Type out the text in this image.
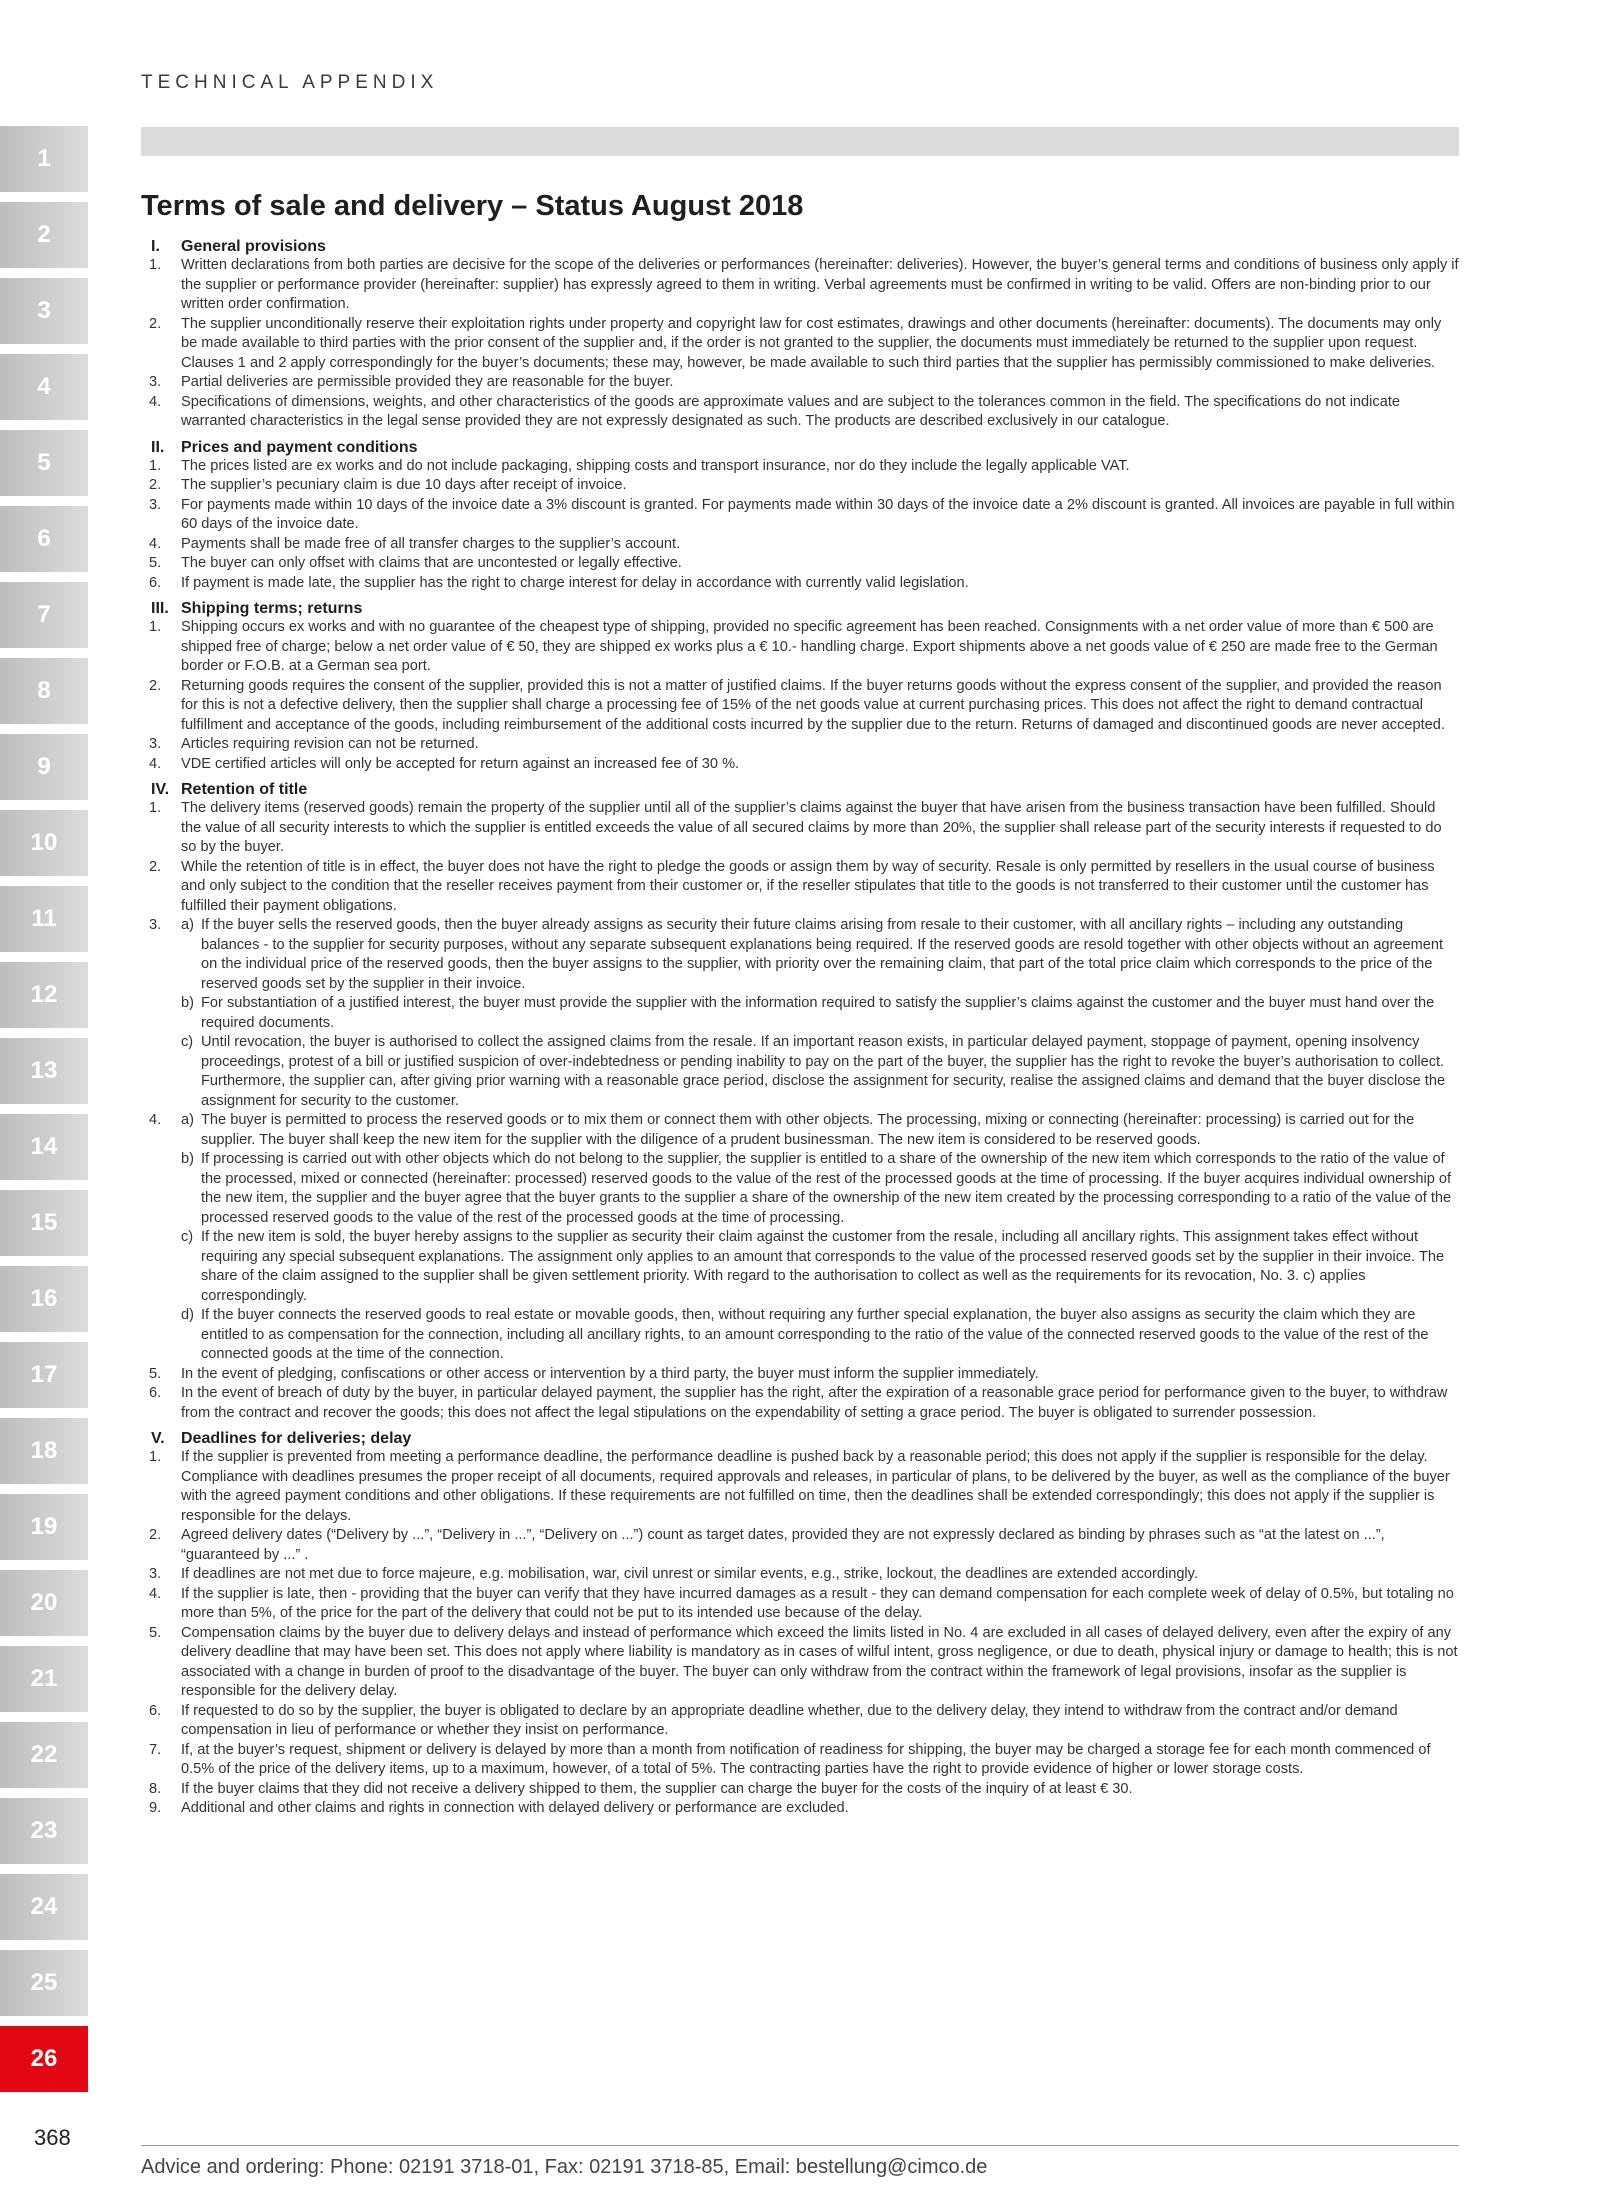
TECHNICAL APPENDIX
1
2
3
4
5
6
7
8
9
10
11
12
13
14
15
16
17
18
19
20
21
22
23
24
25
26
Terms of sale and delivery – Status August 2018
I.	General provisions
1.	Written declarations from both parties are decisive for the scope of the deliveries or performances (hereinafter: deliveries). However, the buyer’s general terms and conditions of business only apply if the supplier or performance provider (hereinafter: supplier) has expressly agreed to them in writing. Verbal agreements must be confirmed in writing to be valid. Offers are non-binding prior to our written order confirmation.
2.	The supplier unconditionally reserve their exploitation rights under property and copyright law for cost estimates, drawings and other documents (hereinafter: documents). The documents may only be made available to third parties with the prior consent of the supplier and, if the order is not granted to the supplier, the documents must immediately be returned to the supplier upon request. Clauses 1 and 2 apply correspondingly for the buyer’s documents; these may, however, be made available to such third parties that the supplier has permissibly commissioned to make deliveries.
3.	Partial deliveries are permissible provided they are reasonable for the buyer.
4.	Specifications of dimensions, weights, and other characteristics of the goods are approximate values and are subject to the tolerances common in the field. The specifications do not indicate warranted characteristics in the legal sense provided they are not expressly designated as such. The products are described exclusively in our catalogue.
II.	Prices and payment conditions
1.	The prices listed are ex works and do not include packaging, shipping costs and transport insurance, nor do they include the legally applicable VAT.
2.	The supplier’s pecuniary claim is due 10 days after receipt of invoice.
3.	For payments made within 10 days of the invoice date a 3% discount is granted. For payments made within 30 days of the invoice date a 2% discount is granted. All invoices are payable in full within 60 days of the invoice date.
4.	Payments shall be made free of all transfer charges to the supplier’s account.
5.	The buyer can only offset with claims that are uncontested or legally effective.
6.	If payment is made late, the supplier has the right to charge interest for delay in accordance with currently valid legislation.
III. Shipping terms; returns
1.	Shipping occurs ex works and with no guarantee of the cheapest type of shipping, provided no specific agreement has been reached. Consignments with a net order value of more than € 500 are shipped free of charge; below a net order value of € 50, they are shipped ex works plus a € 10.- handling charge. Export shipments above a net goods value of € 250 are made free to the German border or F.O.B. at a German sea port.
2.	Returning goods requires the consent of the supplier, provided this is not a matter of justified claims. If the buyer returns goods without the express consent of the supplier, and provided the reason for this is not a defective delivery, then the supplier shall charge a processing fee of 15% of the net goods value at current purchasing prices. This does not affect the right to demand contractual fulfillment and acceptance of the goods, including reimbursement of the additional costs incurred by the supplier due to the return. Returns of damaged and discontinued goods are never accepted.
3.	Articles requiring revision can not be returned.
4.	VDE certified articles will only be accepted for return against an increased fee of 30 %.
IV. Retention of title
1.	The delivery items (reserved goods) remain the property of the supplier until all of the supplier’s claims against the buyer that have arisen from the business transaction have been fulfilled. Should the value of all security interests to which the supplier is entitled exceeds the value of all secured claims by more than 20%, the supplier shall release part of the security interests if requested to do so by the buyer.
2.	While the retention of title is in effect, the buyer does not have the right to pledge the goods or assign them by way of security. Resale is only permitted by resellers in the usual course of business and only subject to the condition that the reseller receives payment from their customer or, if the reseller stipulates that title to the goods is not transferred to their customer until the customer has fulfilled their payment obligations.
3.	a) If the buyer sells the reserved goods, then the buyer already assigns as security their future claims arising from resale to their customer, with all ancillary rights – including any outstanding balances - to the supplier for security purposes, without any separate subsequent explanations being required. If the reserved goods are resold together with other objects without an agreement on the individual price of the reserved goods, then the buyer assigns to the supplier, with priority over the remaining claim, that part of the total price claim which corresponds to the price of the reserved goods set by the supplier in their invoice.
b) For substantiation of a justified interest, the buyer must provide the supplier with the information required to satisfy the supplier’s claims against the customer and the buyer must hand over the required documents.
c) Until revocation, the buyer is authorised to collect the assigned claims from the resale. If an important reason exists, in particular delayed payment, stoppage of payment, opening insolvency proceedings, protest of a bill or justified suspicion of over-indebtedness or pending inability to pay on the part of the buyer, the supplier has the right to revoke the buyer’s authorisation to collect. Furthermore, the supplier can, after giving prior warning with a reasonable grace period, disclose the assignment for security, realise the assigned claims and demand that the buyer disclose the assignment for security to the customer.
4.	a) The buyer is permitted to process the reserved goods or to mix them or connect them with other objects. The processing, mixing or connecting (hereinafter: processing) is carried out for the supplier. The buyer shall keep the new item for the supplier with the diligence of a prudent businessman. The new item is considered to be reserved goods.
b) If processing is carried out with other objects which do not belong to the supplier, the supplier is entitled to a share of the ownership of the new item which corresponds to the ratio of the value of the processed, mixed or connected (hereinafter: processed) reserved goods to the value of the rest of the processed goods at the time of processing. If the buyer acquires individual ownership of the new item, the supplier and the buyer agree that the buyer grants to the supplier a share of the ownership of the new item created by the processing corresponding to a ratio of the value of the processed reserved goods to the value of the rest of the processed goods at the time of processing.
c) If the new item is sold, the buyer hereby assigns to the supplier as security their claim against the customer from the resale, including all ancillary rights. This assignment takes effect without requiring any special subsequent explanations. The assignment only applies to an amount that corresponds to the value of the processed reserved goods set by the supplier in their invoice. The share of the claim assigned to the supplier shall be given settlement priority. With regard to the authorisation to collect as well as the requirements for its revocation, No. 3. c) applies correspondingly.
d) If the buyer connects the reserved goods to real estate or movable goods, then, without requiring any further special explanation, the buyer also assigns as security the claim which they are entitled to as compensation for the connection, including all ancillary rights, to an amount corresponding to the ratio of the value of the connected reserved goods to the value of the rest of the connected goods at the time of the connection.
5.	In the event of pledging, confiscations or other access or intervention by a third party, the buyer must inform the supplier immediately.
6.	In the event of breach of duty by the buyer, in particular delayed payment, the supplier has the right, after the expiration of a reasonable grace period for performance given to the buyer, to withdraw from the contract and recover the goods; this does not affect the legal stipulations on the expendability of setting a grace period. The buyer is obligated to surrender possession.
V.	Deadlines for deliveries; delay
1.	If the supplier is prevented from meeting a performance deadline, the performance deadline is pushed back by a reasonable period; this does not apply if the supplier is responsible for the delay. Compliance with deadlines presumes the proper receipt of all documents, required approvals and releases, in particular of plans, to be delivered by the buyer, as well as the compliance of the buyer with the agreed payment conditions and other obligations. If these requirements are not fulfilled on time, then the deadlines shall be extended correspondingly; this does not apply if the supplier is responsible for the delays.
2.	Agreed delivery dates (“Delivery by ...”, “Delivery in ...”, “Delivery on ...”) count as target dates, provided they are not expressly declared as binding by phrases such as “at the latest on ...”, “guaranteed by ...” .
3.	If deadlines are not met due to force majeure, e.g. mobilisation, war, civil unrest or similar events, e.g., strike, lockout, the deadlines are extended accordingly.
4.	If the supplier is late, then - providing that the buyer can verify that they have incurred damages as a result - they can demand compensation for each complete week of delay of 0.5%, but totaling no more than 5%, of the price for the part of the delivery that could not be put to its intended use because of the delay.
5.	Compensation claims by the buyer due to delivery delays and instead of performance which exceed the limits listed in No. 4 are excluded in all cases of delayed delivery, even after the expiry of any delivery deadline that may have been set. This does not apply where liability is mandatory as in cases of wilful intent, gross negligence, or due to death, physical injury or damage to health; this is not associated with a change in burden of proof to the disadvantage of the buyer. The buyer can only withdraw from the contract within the framework of legal provisions, insofar as the supplier is responsible for the delivery delay.
6.	If requested to do so by the supplier, the buyer is obligated to declare by an appropriate deadline whether, due to the delivery delay, they intend to withdraw from the contract and/or demand compensation in lieu of performance or whether they insist on performance.
7.	If, at the buyer’s request, shipment or delivery is delayed by more than a month from notification of readiness for shipping, the buyer may be charged a storage fee for each month commenced of 0.5% of the price of the delivery items, up to a maximum, however, of a total of 5%. The contracting parties have the right to provide evidence of higher or lower storage costs.
8.	If the buyer claims that they did not receive a delivery shipped to them, the supplier can charge the buyer for the costs of the inquiry of at least € 30.
9.	Additional and other claims and rights in connection with delayed delivery or performance are excluded.
368
Advice and ordering: Phone: 02191 3718-01, Fax: 02191 3718-85, Email: bestellung@cimco.de
